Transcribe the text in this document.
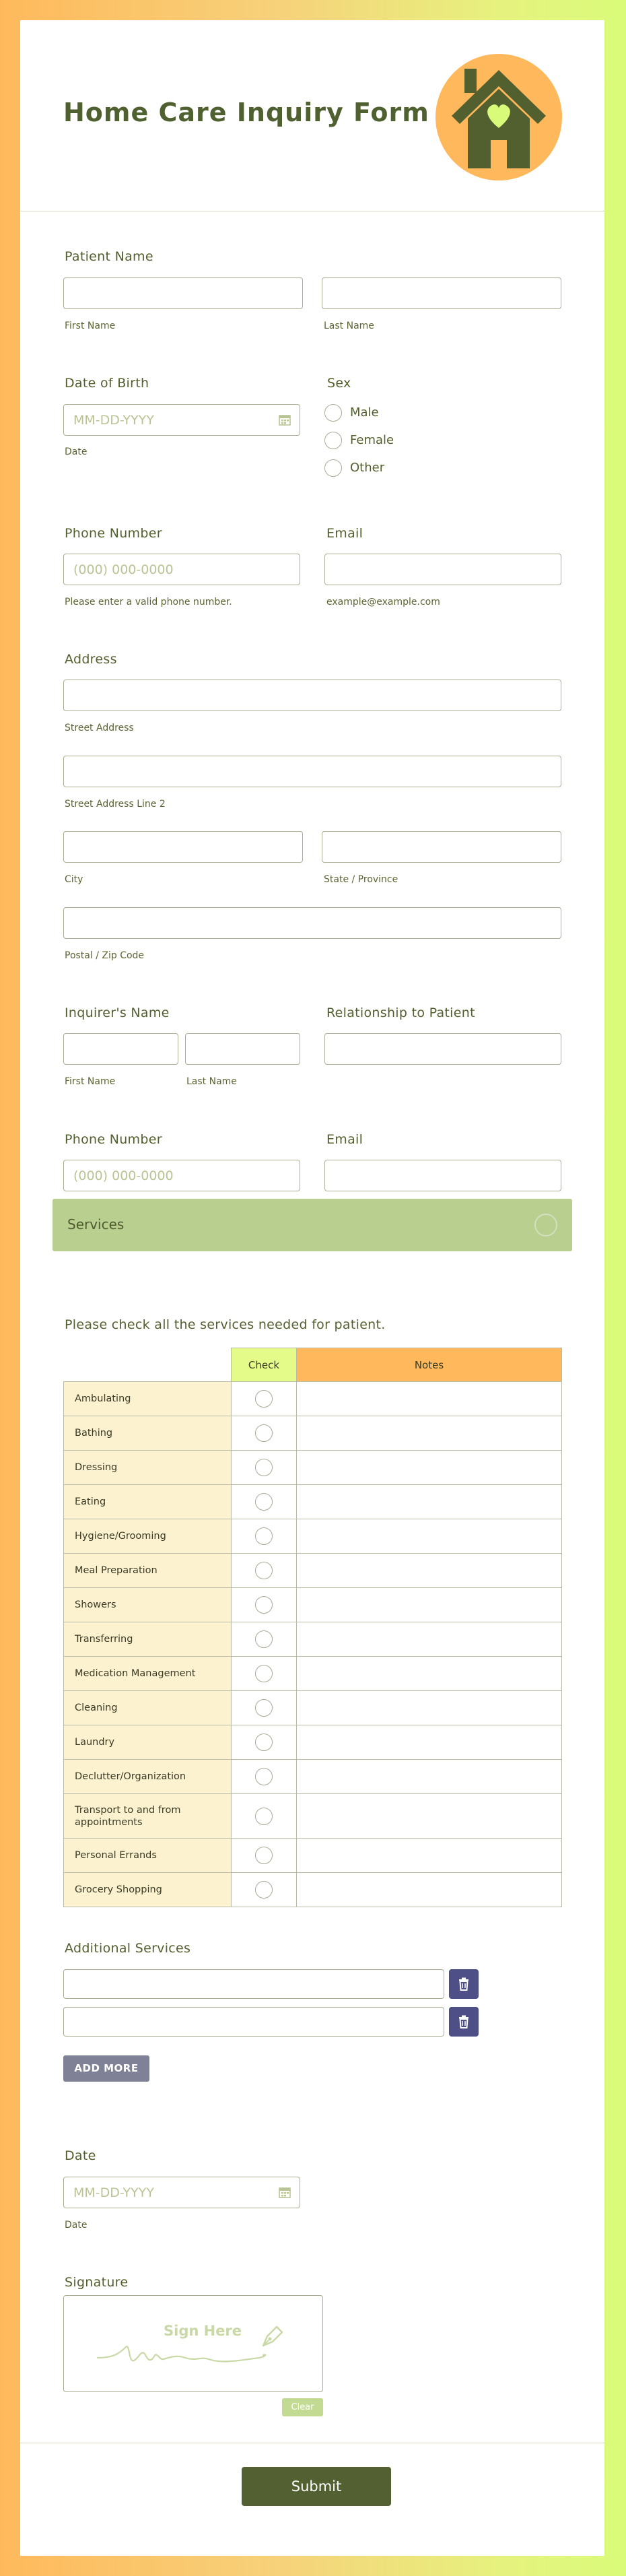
Home Care Inquiry Form
Patient Name
First Name	Last Name
Date of Birth
MM-DD-YYYY
Date
Sex
Male
Female
Other
Phone Number
(000) 000-0000
Please enter a valid phone number.
Email
example@example.com
Address
Street Address
Street Address Line 2
City	State / Province
Postal / Zip Code
Inquirer's Name
First Name	Last Name
Relationship to Patient
Phone Number
(000) 000-0000
Email
Services
Please check all the services needed for patient.
	Check	Notes
Ambulating		
Bathing		
Dressing		
Eating		
Hygiene/Grooming		
Meal Preparation		
Showers		
Transferring		
Medication Management		
Cleaning		
Laundry		
Declutter/Organization		
Transport to and from appointments		
Personal Errands		
Grocery Shopping		
Additional Services
ADD MORE
Date
MM-DD-YYYY
Date
Signature
Sign Here
Clear
Submit
